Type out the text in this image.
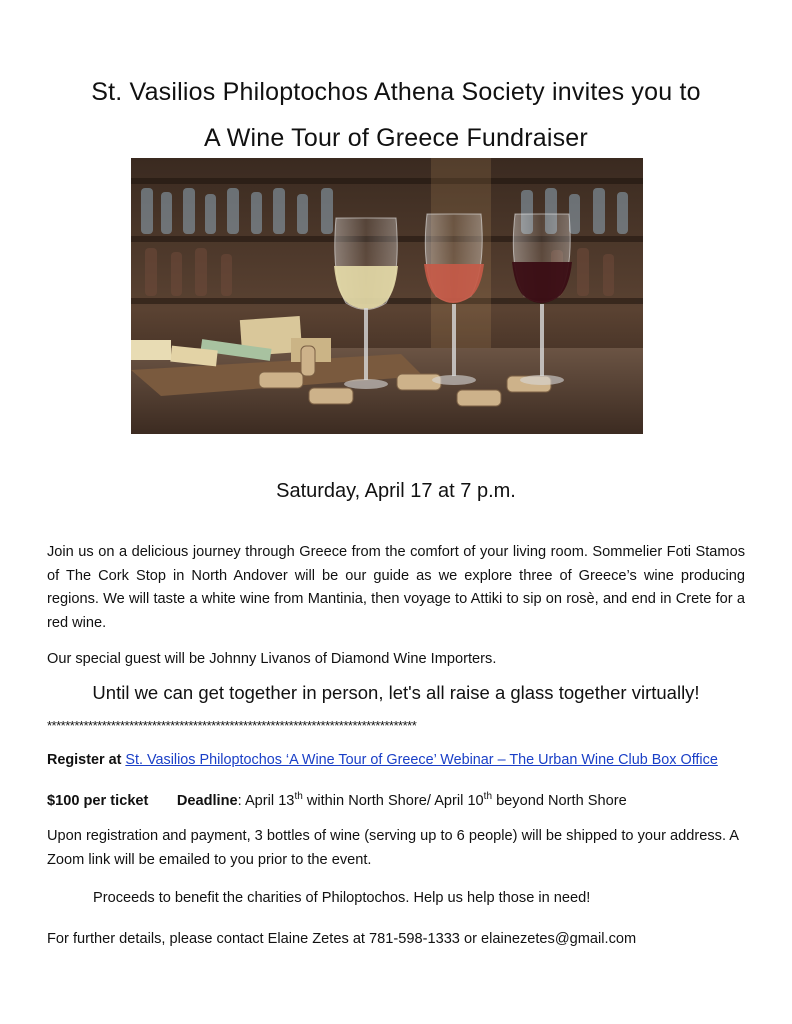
St. Vasilios Philoptochos Athena Society invites you to
A Wine Tour of Greece Fundraiser
Saturday, April 17 at 7 p.m.
Join us on a delicious journey through Greece from the comfort of your living room. Sommelier Foti Stamos of The Cork Stop in North Andover will be our guide as we explore three of Greece’s wine producing regions. We will taste a white wine from Mantinia, then voyage to Attiki to sip on rosè, and end in Crete for a red wine.
Our special guest will be Johnny Livanos of Diamond Wine Importers.
Until we can get together in person, let's all raise a glass together virtually!
*********************************************************************************
Register at St. Vasilios Philoptochos ‘A Wine Tour of Greece’ Webinar – The Urban Wine Club Box Office
$100 per ticket Deadline: April 13th within North Shore/ April 10th beyond North Shore
Upon registration and payment, 3 bottles of wine (serving up to 6 people) will be shipped to your address. A Zoom link will be emailed to you prior to the event.
Proceeds to benefit the charities of Philoptochos. Help us help those in need!
For further details, please contact Elaine Zetes at 781-598-1333 or elainezetes@gmail.com
